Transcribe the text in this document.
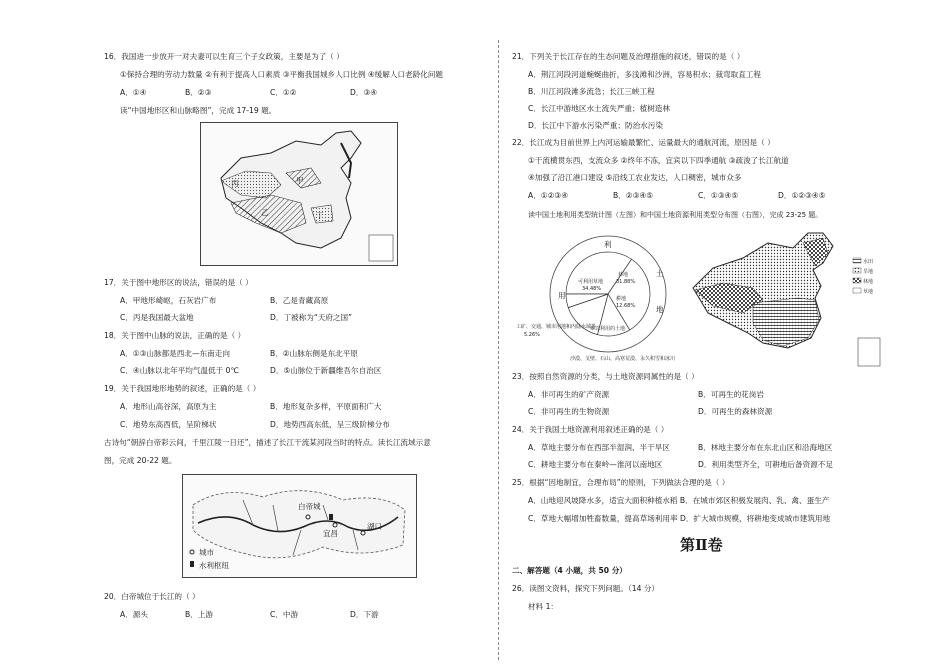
16．我国进一步放开一对夫妻可以生育三个子女政策，主要是为了（ ）
①保持合理的劳动力数量 ②有利于提高人口素质 ③平衡我国城乡人口比例 ④缓解人口老龄化问题
A．①④	B．②③	C．①②	D．③④
读“中国地形区和山脉略图”，完成 17-19 题。
丙
乙
甲
丁
17．关于图中地形区的说法，错误的是（ ）
A．甲地形崎岖，石灰岩广布	B．乙是青藏高原
C．丙是我国最大盆地	D．丁被称为“天府之国”
18．关于图中山脉的说法，正确的是（ ）
A．①③山脉都是西北—东南走向	B．②山脉东侧是东北平原
C．④山脉以北年平均气温低于 0℃	D．⑤山脉位于新疆维吾尔自治区
19．关于我国地形地势的叙述，正确的是（ ）
A．地形山高谷深，高原为主	B．地形复杂多样，平原面积广大
C．地势东高西低，呈阶梯状	D．地势西高东低，呈三级阶梯分布
古诗句“朝辞白帝彩云间，千里江陵一日还”，描述了长江干流某河段当时的特点。读长江流域示意
图，完成 20-22 题。
白帝城
宜昌
湖口
城市
水利枢纽
20．白帝城位于长江的（ ）
A．源头	B．上游	C．中游	D．下游
21．下列关于长江存在的生态问题及治理措施的叙述，错误的是（ ）
A．荆江河段河道蜿蜒曲折，多浅滩和沙洲，容易积水；裁弯取直工程
B．川江河段滩多流急；长江三峡工程
C．长江中游地区水土流失严重；植树造林
D．长江中下游水污染严重；防治水污染
22．长江成为目前世界上内河运输最繁忙、运量最大的通航河流，原因是（ ）
①干流横贯东西，支流众多 ②终年不冻，宜宾以下四季通航 ③疏浚了长江航道
④加强了沿江港口建设 ⑤沿线工农业发达，人口稠密，城市众多
A．①②③④	B．②③④⑤	C．①③④⑤	D．①②③④⑤
读中国土地利用类型统计图（左图）和中国土地资源利用类型分布图（右图），完成 23-25 题。
利
用
土
地
可利用草地
34.48%
林地
31.88%
耕地
12.68%
难以利用的土地
工矿、交通、城市用地和内陆水域等
5.26%
沙漠、戈壁、石山、高寒荒漠、永久积雪和冰川
水田
旱地
林地
草地
23．按照自然资源的分类，与土地资源同属性的是（ ）
A．非可再生的矿产资源	B．可再生的花岗岩
C．非可再生的生物资源	D．可再生的森林资源
24．关于我国土地资源利用叙述正确的是（ ）
A．草地主要分布在西部半湿润、半干旱区	B．林地主要分布在东北山区和沿海地区
C．耕地主要分布在秦岭—淮河以南地区	D．利用类型齐全，可耕地后备资源不足
25．根据“因地制宜，合理布局”的原则，下列做法合理的是（ ）
A．山地迎风坡降水多，适宜大面积种植水稻 B．在城市郊区积极发展肉、乳、禽、蛋生产
C．草地大幅增加牲畜数量，提高草场利用率 D．扩大城市规模，将耕地变成城市建筑用地
第Ⅱ卷
二、解答题（4 小题，共 50 分）
26．读图文资料，探究下列问题。（14 分）
材料 1：
